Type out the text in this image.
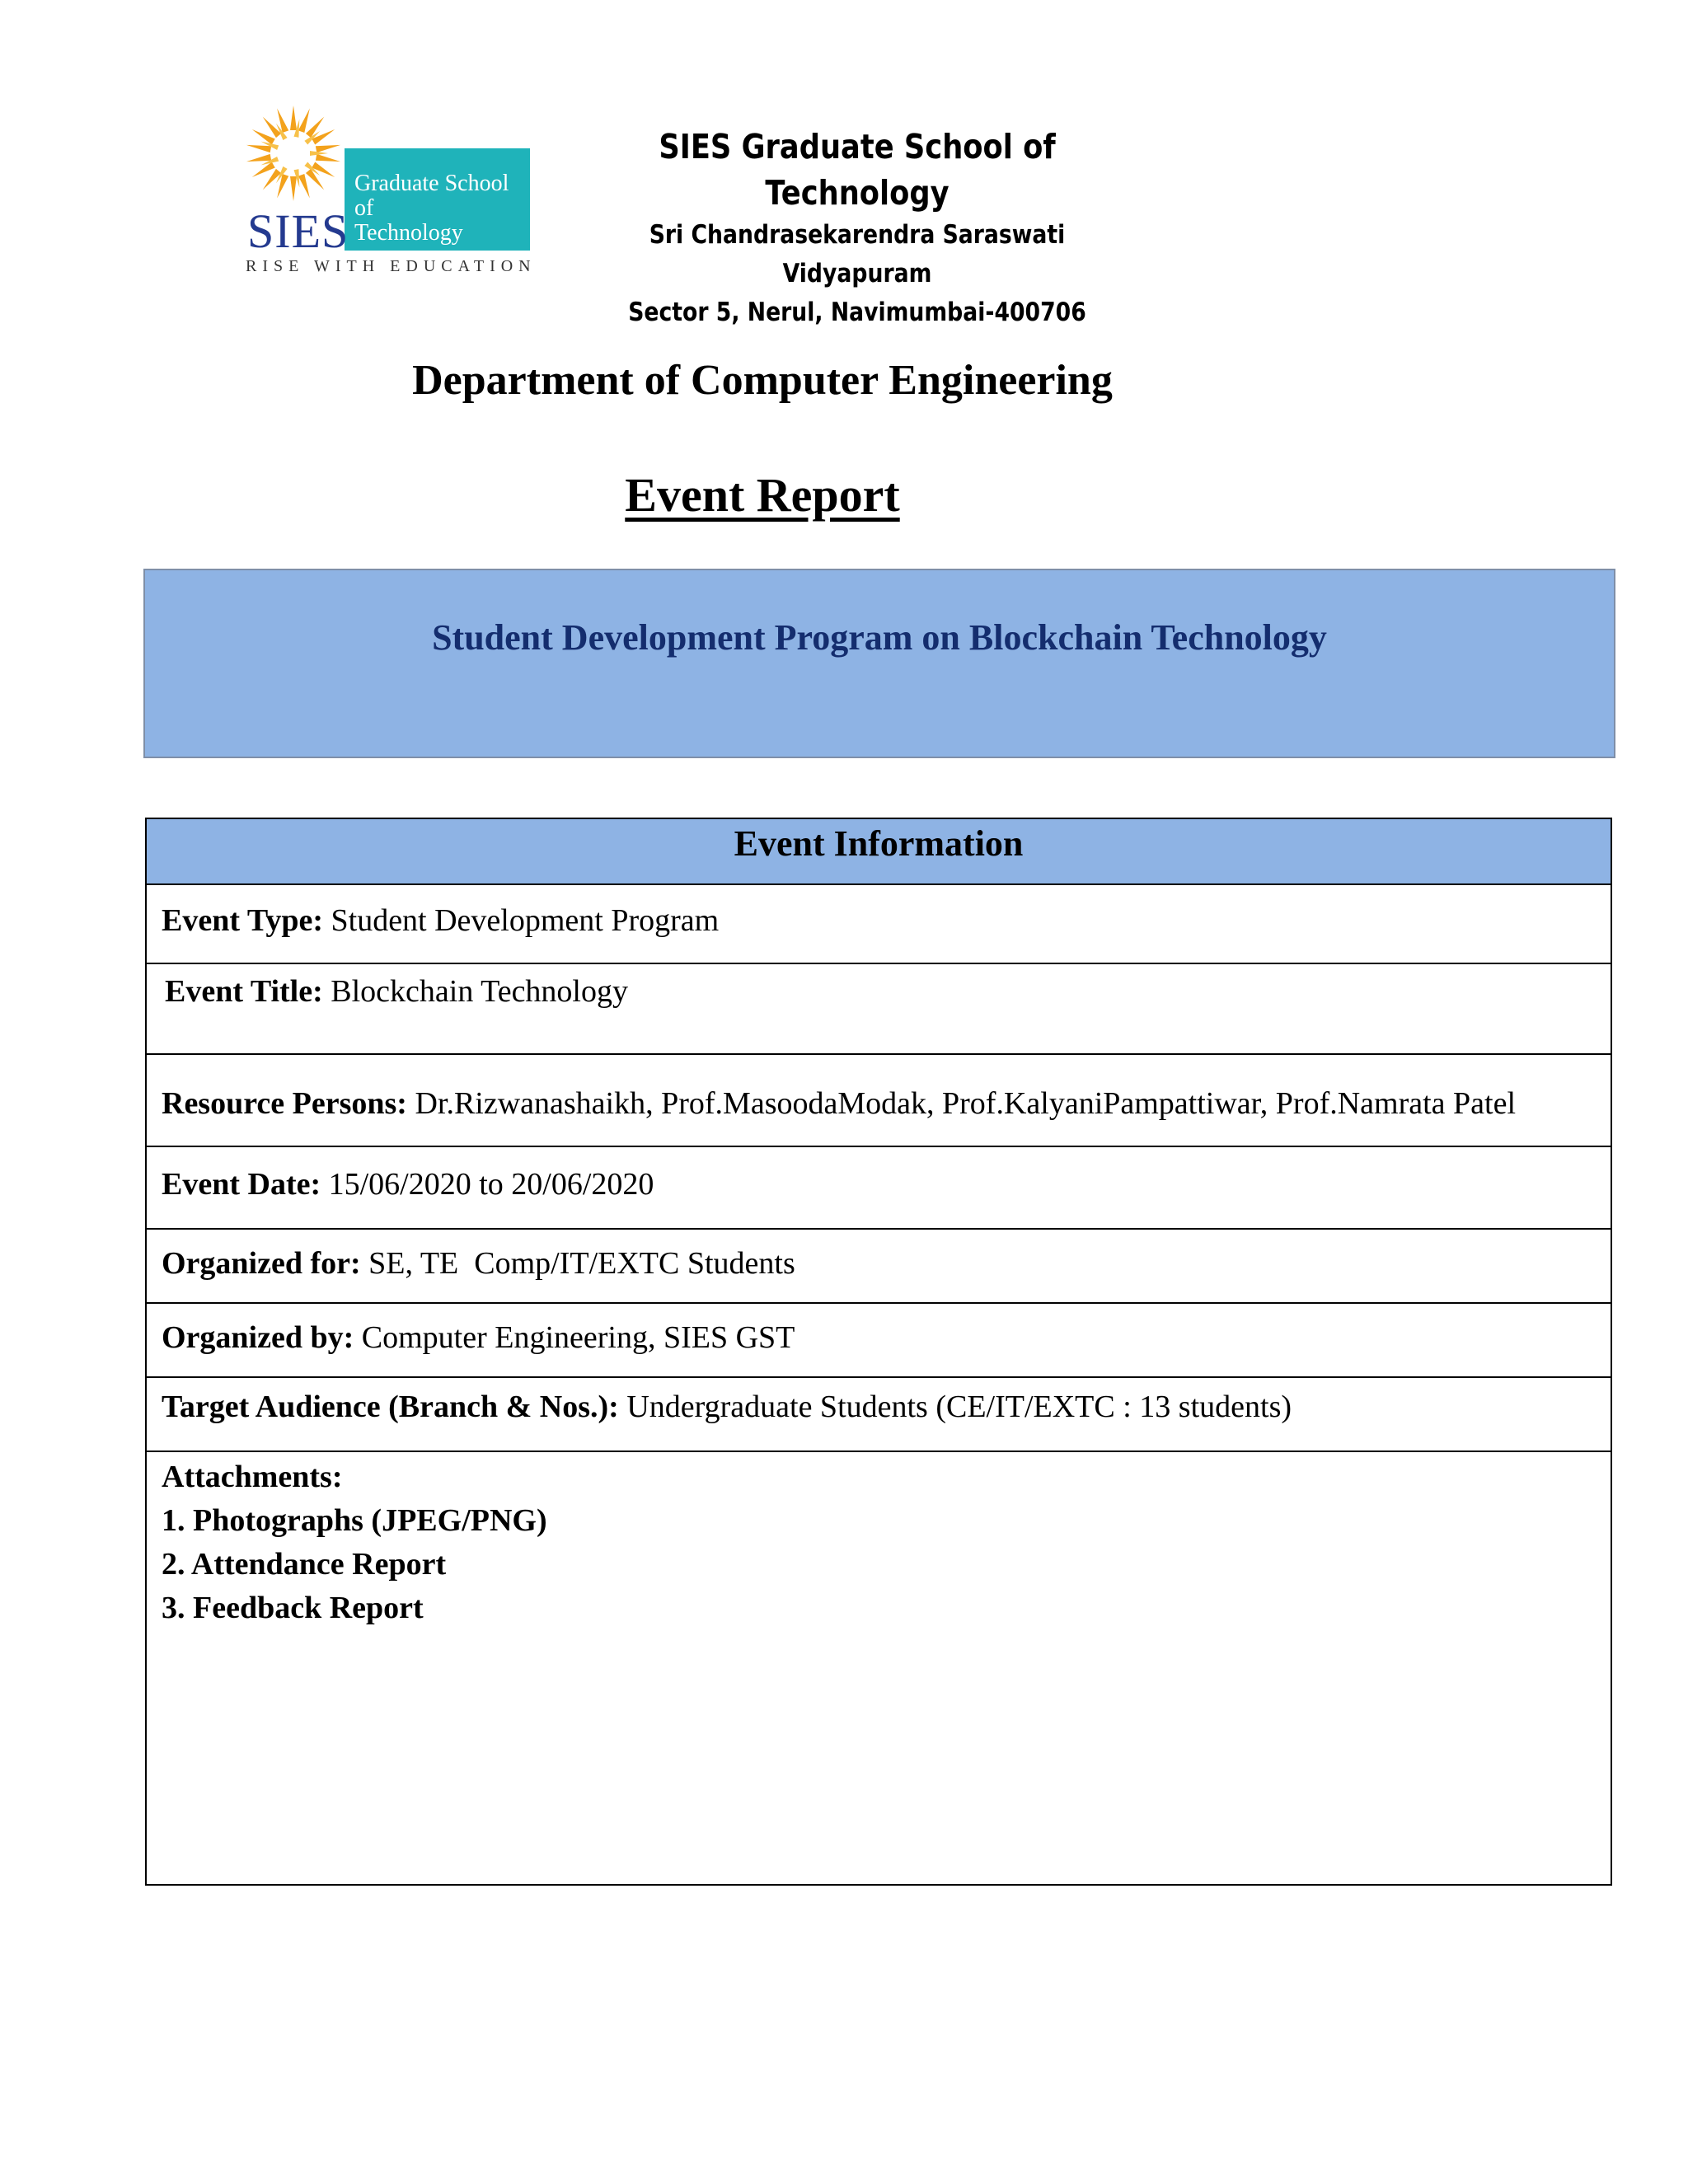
Graduate School of
Technology
SIES
RISE WITH EDUCATION
SIES Graduate School of Technology
Sri Chandrasekarendra Saraswati Vidyapuram
Sector 5, Nerul, Navimumbai-400706
Department of Computer Engineering
Event Report
Student Development Program on Blockchain Technology
Event Information
Event Type: Student Development Program
Event Title: Blockchain Technology
Resource Persons: Dr.Rizwanashaikh, Prof.MasoodaModak, Prof.KalyaniPampattiwar, Prof.Namrata Patel
Event Date: 15/06/2020 to 20/06/2020
Organized for: SE, TE  Comp/IT/EXTC Students
Organized by: Computer Engineering, SIES GST
Target Audience (Branch & Nos.): Undergraduate Students (CE/IT/EXTC : 13 students)
Attachments:
1. Photographs (JPEG/PNG)
2. Attendance Report
3. Feedback Report
